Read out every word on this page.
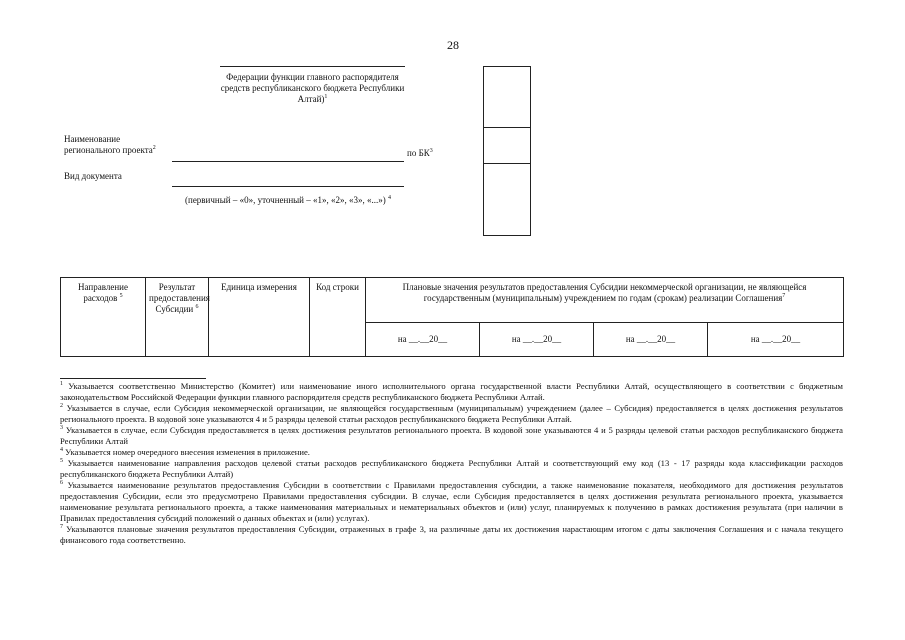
28
Федерации функции главного распорядителя средств республиканского бюджета Республики Алтай)$^1$
Наименование регионального проекта$^2$	по $БК^3$
Вид документа
(первичный – «0», уточненный – «1», «2», «3», «...») $^4$
Направление расходов $^5$	Результат предоставления Субсидии $^6$	Единица измерения	Код строки	Плановые значения результатов предоставления Субсидии некоммерческой организации, не являющейся государственным (муниципальным) учреждением по годам (срокам) реализации Соглашения$^7$
				на __.__20__	на __.__20__	на __.__20__	на __.__20__

$^1$ Указывается соответственно Министерство (Комитет) или наименование иного исполнительного органа государственной власти Республики Алтай, осуществляющего в соответствии с бюджетным законодательством Российской Федерации функции главного распорядителя средств республиканского бюджета Республики Алтай.

$^2$ Указывается в случае, если Субсидия некоммерческой организации, не являющейся государственным (муниципальным) учреждением (далее – Субсидия) предоставляется в целях достижения результатов регионального проекта. В кодовой зоне указываются 4 и 5 разряды целевой статьи расходов республиканского бюджета Республики Алтай.

$^3$ Указывается в случае, если Субсидия предоставляется в целях достижения результатов регионального проекта. В кодовой зоне указываются 4 и 5 разряды целевой статьи расходов республиканского бюджета Республики Алтай

$^4$ Указывается номер очередного внесения изменения в приложение.

$^5$ Указывается наименование направления расходов целевой статьи расходов республиканского бюджета Республики Алтай и соответствующий ему код (13 - 17 разряды кода классификации расходов республиканского бюджета Республики Алтай)

$^6$ Указывается наименование результатов предоставления Субсидии в соответствии с Правилами предоставления субсидии, а также наименование показателя, необходимого для достижения результатов предоставления Субсидии, если это предусмотрено Правилами предоставления субсидии. В случае, если Субсидия предоставляется в целях достижения результата регионального проекта, указывается наименование результата регионального проекта, а также наименования материальных и нематериальных объектов и (или) услуг, планируемых к получению в рамках достижения результата (при наличии в Правилах предоставления субсидий положений о данных объектах и (или) услугах).

$^7$ Указываются плановые значения результатов предоставления Субсидии, отраженных в графе 3, на различные даты их достижения нарастающим итогом с даты заключения Соглашения и с начала текущего финансового года соответственно.
